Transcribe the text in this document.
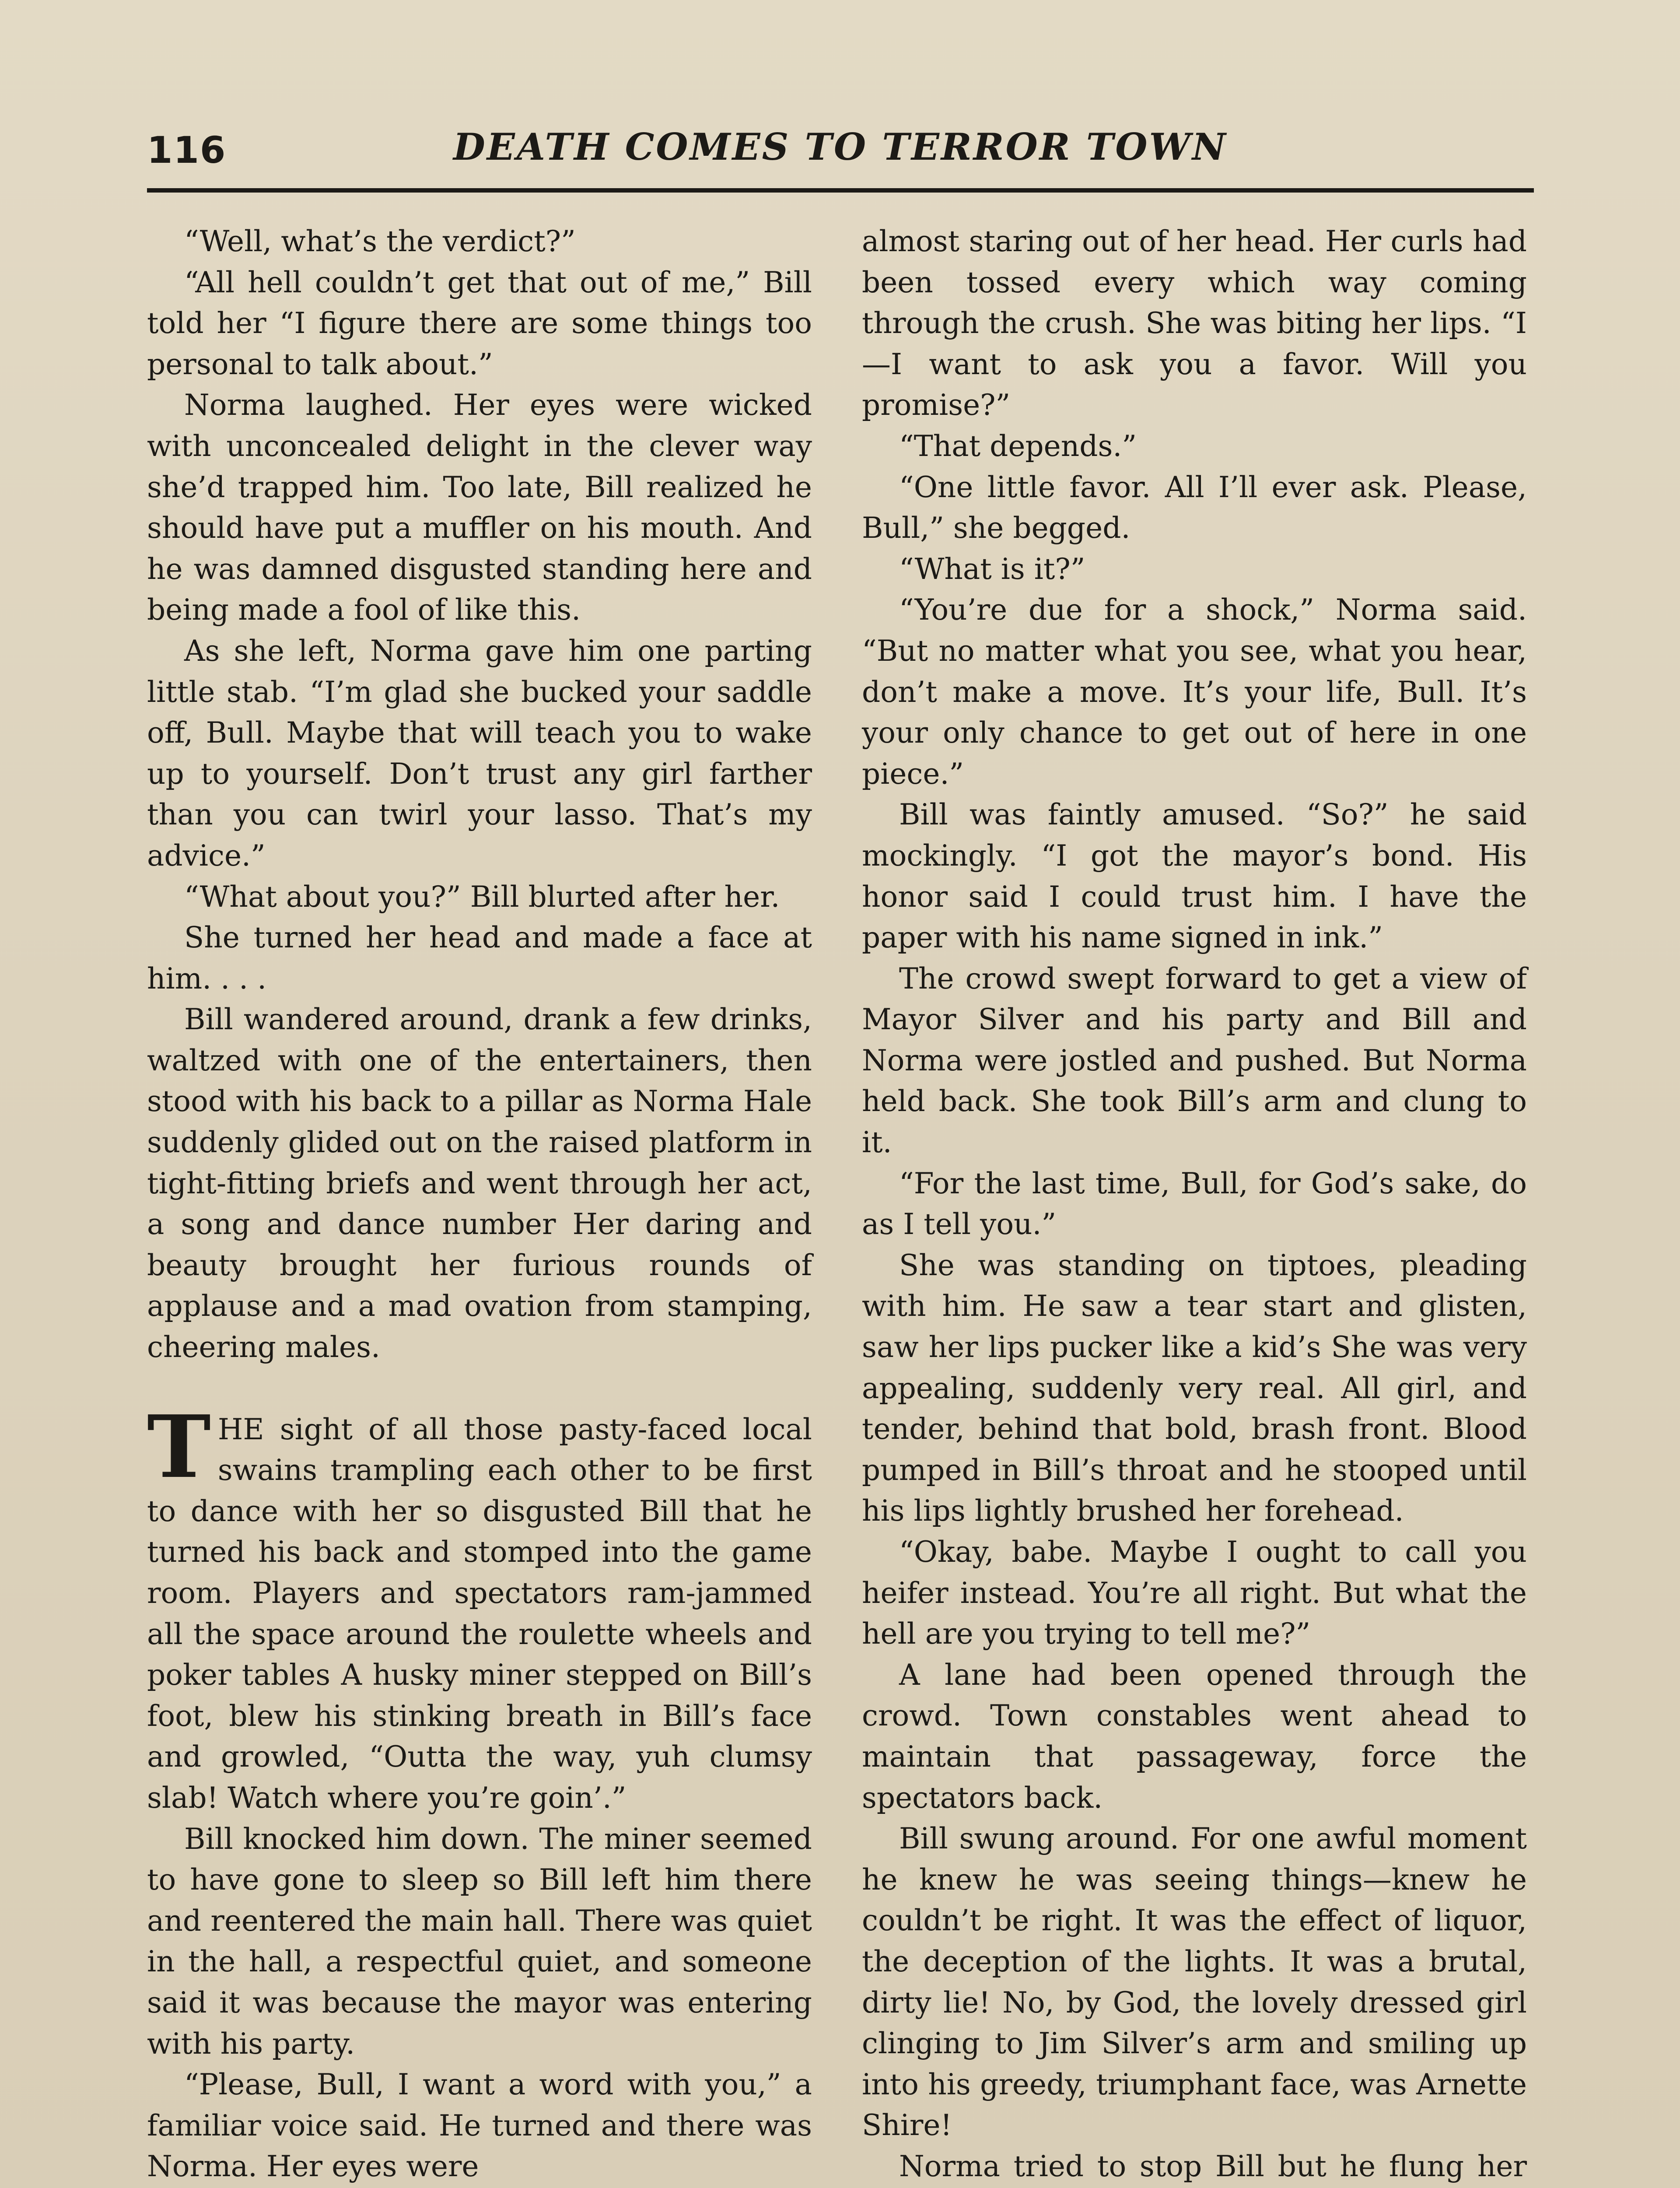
116	DEATH COMES TO TERROR TOWN

“Well, what’s the verdict?”

“All hell couldn’t get that out of me,” Bill told her “I figure there are some things too personal to talk about.”

Norma laughed. Her eyes were wicked with unconcealed delight in the clever way she’d trapped him. Too late, Bill realized he should have put a muffler on his mouth. And he was damned disgusted standing here and being made a fool of like this.

As she left, Norma gave him one parting little stab. “I’m glad she bucked your saddle off, Bull. Maybe that will teach you to wake up to yourself. Don’t trust any girl farther than you can twirl your lasso. That’s my advice.”

“What about you?” Bill blurted after her.

She turned her head and made a face at him. . . .

Bill wandered around, drank a few drinks, waltzed with one of the entertainers, then stood with his back to a pillar as Norma Hale suddenly glided out on the raised platform in tight-fitting briefs and went through her act, a song and dance number Her daring and beauty brought her furious rounds of applause and a mad ovation from stamping, cheering males.

THE sight of all those pasty-faced local swains trampling each other to be first to dance with her so disgusted Bill that he turned his back and stomped into the game room. Players and spectators ram-jammed all the space around the roulette wheels and poker tables A husky miner stepped on Bill’s foot, blew his stinking breath in Bill’s face and growled, “Outta the way, yuh clumsy slab! Watch where you’re goin’.”

Bill knocked him down. The miner seemed to have gone to sleep so Bill left him there and reentered the main hall. There was quiet in the hall, a respectful quiet, and someone said it was because the mayor was entering with his party.

“Please, Bull, I want a word with you,” a familiar voice said. He turned and there was Norma. Her eyes were

almost staring out of her head. Her curls had been tossed every which way coming through the crush. She was biting her lips. “I—I want to ask you a favor. Will you promise?”

“That depends.”

“One little favor. All I’ll ever ask. Please, Bull,” she begged.

“What is it?”

“You’re due for a shock,” Norma said. “But no matter what you see, what you hear, don’t make a move. It’s your life, Bull. It’s your only chance to get out of here in one piece.”

Bill was faintly amused. “So?” he said mockingly. “I got the mayor’s bond. His honor said I could trust him. I have the paper with his name signed in ink.”

The crowd swept forward to get a view of Mayor Silver and his party and Bill and Norma were jostled and pushed. But Norma held back. She took Bill’s arm and clung to it.

“For the last time, Bull, for God’s sake, do as I tell you.”

She was standing on tiptoes, pleading with him. He saw a tear start and glisten, saw her lips pucker like a kid’s She was very appealing, suddenly very real. All girl, and tender, behind that bold, brash front. Blood pumped in Bill’s throat and he stooped until his lips lightly brushed her forehead.

“Okay, babe. Maybe I ought to call you heifer instead. You’re all right. But what the hell are you trying to tell me?”

A lane had been opened through the crowd. Town constables went ahead to maintain that passageway, force the spectators back.

Bill swung around. For one awful moment he knew he was seeing things—knew he couldn’t be right. It was the effect of liquor, the deception of the lights. It was a brutal, dirty lie! No, by God, the lovely dressed girl clinging to Jim Silver’s arm and smiling up into his greedy, triumphant face, was Arnette Shire!

Norma tried to stop Bill but he flung her
